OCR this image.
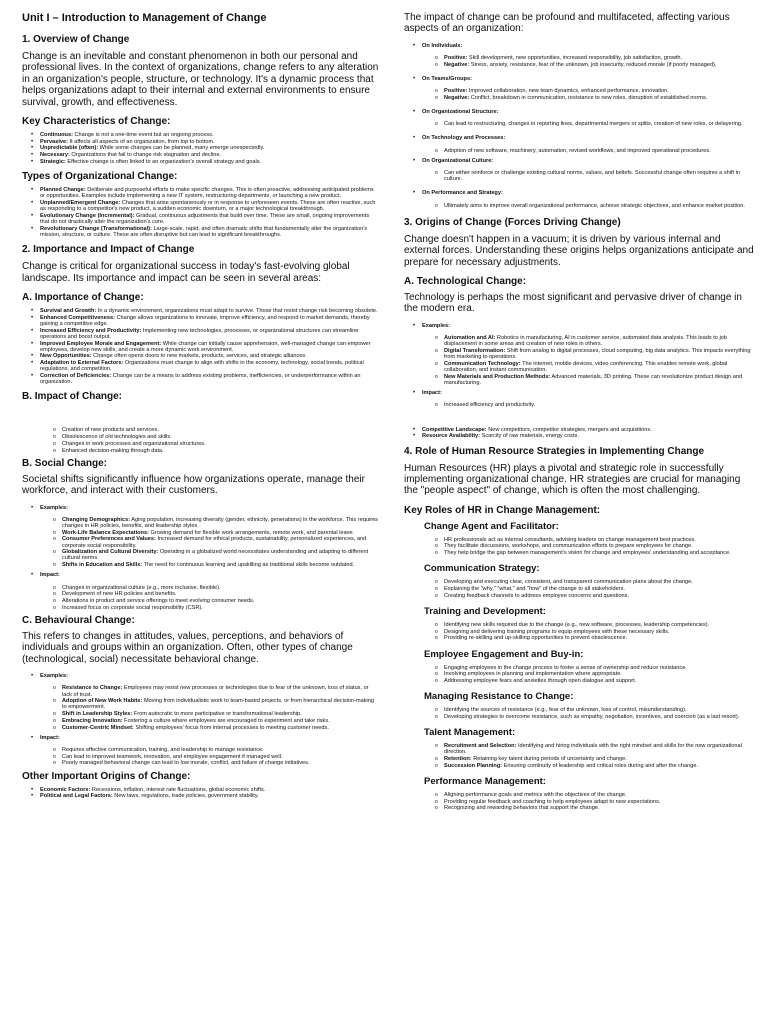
Unit I – Introduction to Management of Change
1. Overview of Change
Change is an inevitable and constant phenomenon in both our personal and professional lives. In the context of organizations, change refers to any alteration in an organization's people, structure, or technology. It's a dynamic process that helps organizations adapt to their internal and external environments to ensure survival, growth, and effectiveness.
Key Characteristics of Change:
• Continuous: Change is not a one-time event but an ongoing process.
• Pervasive: It affects all aspects of an organization, from top to bottom.
• Unpredictable (often): While some changes can be planned, many emerge unexpectedly.
• Necessary: Organizations that fail to change risk stagnation and decline.
• Strategic: Effective change is often linked to an organization's overall strategy and goals.
Types of Organizational Change:
• Planned Change: Deliberate and purposeful efforts to make specific changes. This is often proactive, addressing anticipated problems or opportunities. Examples include implementing a new IT system, restructuring departments, or launching a new product.
• Unplanned/Emergent Change: Changes that arise spontaneously or in response to unforeseen events. These are often reactive, such as responding to a competitor's new product, a sudden economic downturn, or a major technological breakthrough.
• Evolutionary Change (Incremental): Gradual, continuous adjustments that build over time. These are small, ongoing improvements that do not drastically alter the organization's core.
• Revolutionary Change (Transformational): Large-scale, rapid, and often dramatic shifts that fundamentally alter the organization's mission, structure, or culture. These are often disruptive but can lead to significant breakthroughs.
2. Importance and Impact of Change
Change is critical for organizational success in today's fast-evolving global landscape. Its importance and impact can be seen in several areas:
A. Importance of Change:
• Survival and Growth: In a dynamic environment, organizations must adapt to survive. Those that resist change risk becoming obsolete.
• Enhanced Competitiveness: Change allows organizations to innovate, improve efficiency, and respond to market demands, thereby gaining a competitive edge.
• Increased Efficiency and Productivity: Implementing new technologies, processes, or organizational structures can streamline operations and boost output.
• Improved Employee Morale and Engagement: While change can initially cause apprehension, well-managed change can empower employees, develop new skills, and create a more dynamic work environment.
• New Opportunities: Change often opens doors to new markets, products, services, and strategic alliances.
• Adaptation to External Factors: Organizations must change to align with shifts in the economy, technology, social trends, political regulations, and competition.
• Correction of Deficiencies: Change can be a means to address existing problems, inefficiencies, or underperformance within an organization.
B. Impact of Change:
o Creation of new products and services.
o Obsolescence of old technologies and skills.
o Changes in work processes and organizational structures.
o Enhanced decision-making through data.
B. Social Change:
Societal shifts significantly influence how organizations operate, manage their workforce, and interact with their customers.
• Examples:
o Changing Demographics: Aging population, increasing diversity (gender, ethnicity, generations) in the workforce. This requires changes in HR policies, benefits, and leadership styles.
o Work-Life Balance Expectations: Growing demand for flexible work arrangements, remote work, and parental leave.
o Consumer Preferences and Values: Increased demand for ethical products, sustainability, personalized experiences, and corporate social responsibility.
o Globalization and Cultural Diversity: Operating in a globalized world necessitates understanding and adapting to different cultural norms.
o Shifts in Education and Skills: The need for continuous learning and upskilling as traditional skills become outdated.
• Impact:
o Changes in organizational culture (e.g., more inclusive, flexible).
o Development of new HR policies and benefits.
o Alterations in product and service offerings to meet evolving consumer needs.
o Increased focus on corporate social responsibility (CSR).
C. Behavioural Change:
This refers to changes in attitudes, values, perceptions, and behaviors of individuals and groups within an organization. Often, other types of change (technological, social) necessitate behavioral change.
• Examples:
o Resistance to Change: Employees may resist new processes or technologies due to fear of the unknown, loss of status, or lack of trust.
o Adoption of New Work Habits: Moving from individualistic work to team-based projects, or from hierarchical decision-making to empowerment.
o Shift in Leadership Styles: From autocratic to more participative or transformational leadership.
o Embracing Innovation: Fostering a culture where employees are encouraged to experiment and take risks.
o Customer-Centric Mindset: Shifting employees' focus from internal processes to meeting customer needs.
• Impact:
o Requires effective communication, training, and leadership to manage resistance.
o Can lead to improved teamwork, innovation, and employee engagement if managed well.
o Poorly managed behavioral change can lead to low morale, conflict, and failure of change initiatives.
Other Important Origins of Change:
• Economic Factors: Recessions, inflation, interest rate fluctuations, global economic shifts.
• Political and Legal Factors: New laws, regulations, trade policies, government stability.
The impact of change can be profound and multifaceted, affecting various aspects of an organization:
• On Individuals:
o Positive: Skill development, new opportunities, increased responsibility, job satisfaction, growth.
o Negative: Stress, anxiety, resistance, fear of the unknown, job insecurity, reduced morale (if poorly managed).
• On Teams/Groups:
o Positive: Improved collaboration, new team dynamics, enhanced performance, innovation.
o Negative: Conflict, breakdown in communication, resistance to new roles, disruption of established norms.
• On Organizational Structure:
o Can lead to restructuring, changes in reporting lines, departmental mergers or splits, creation of new roles, or delayering.
• On Technology and Processes:
o Adoption of new software, machinery, automation, revised workflows, and improved operational procedures.
• On Organizational Culture:
o Can either reinforce or challenge existing cultural norms, values, and beliefs. Successful change often requires a shift in culture.
• On Performance and Strategy:
o Ultimately aims to improve overall organizational performance, achieve strategic objectives, and enhance market position.
3. Origins of Change (Forces Driving Change)
Change doesn't happen in a vacuum; it is driven by various internal and external forces. Understanding these origins helps organizations anticipate and prepare for necessary adjustments.
A. Technological Change:
Technology is perhaps the most significant and pervasive driver of change in the modern era.
• Examples:
o Automation and AI: Robotics in manufacturing, AI in customer service, automated data analysis. This leads to job displacement in some areas and creation of new roles in others.
o Digital Transformation: Shift from analog to digital processes, cloud computing, big data analytics. This impacts everything from marketing to operations.
o Communication Technology: The internet, mobile devices, video conferencing. This enables remote work, global collaboration, and instant communication.
o New Materials and Production Methods: Advanced materials, 3D printing. These can revolutionize product design and manufacturing.
• Impact:
o Increased efficiency and productivity.
• Competitive Landscape: New competitors, competitor strategies, mergers and acquisitions.
• Resource Availability: Scarcity of raw materials, energy costs.
4. Role of Human Resource Strategies in Implementing Change
Human Resources (HR) plays a pivotal and strategic role in successfully implementing organizational change. HR strategies are crucial for managing the "people aspect" of change, which is often the most challenging.
Key Roles of HR in Change Management:
Change Agent and Facilitator:
o HR professionals act as internal consultants, advising leaders on change management best practices.
o They facilitate discussions, workshops, and communication efforts to prepare employees for change.
o They help bridge the gap between management's vision for change and employees' understanding and acceptance.
Communication Strategy:
o Developing and executing clear, consistent, and transparent communication plans about the change.
o Explaining the "why," "what," and "how" of the change to all stakeholders.
o Creating feedback channels to address employee concerns and questions.
Training and Development:
o Identifying new skills required due to the change (e.g., new software, processes, leadership competencies).
o Designing and delivering training programs to equip employees with these necessary skills.
o Providing re-skilling and up-skilling opportunities to prevent obsolescence.
Employee Engagement and Buy-in:
o Engaging employees in the change process to foster a sense of ownership and reduce resistance.
o Involving employees in planning and implementation where appropriate.
o Addressing employee fears and anxieties through open dialogue and support.
Managing Resistance to Change:
o Identifying the sources of resistance (e.g., fear of the unknown, loss of control, misunderstanding).
o Developing strategies to overcome resistance, such as empathy, negotiation, incentives, and coercion (as a last resort).
Talent Management:
o Recruitment and Selection: Identifying and hiring individuals with the right mindset and skills for the new organizational direction.
o Retention: Retaining key talent during periods of uncertainty and change.
o Succession Planning: Ensuring continuity of leadership and critical roles during and after the change.
Performance Management:
o Aligning performance goals and metrics with the objectives of the change.
o Providing regular feedback and coaching to help employees adapt to new expectations.
o Recognizing and rewarding behaviors that support the change.
